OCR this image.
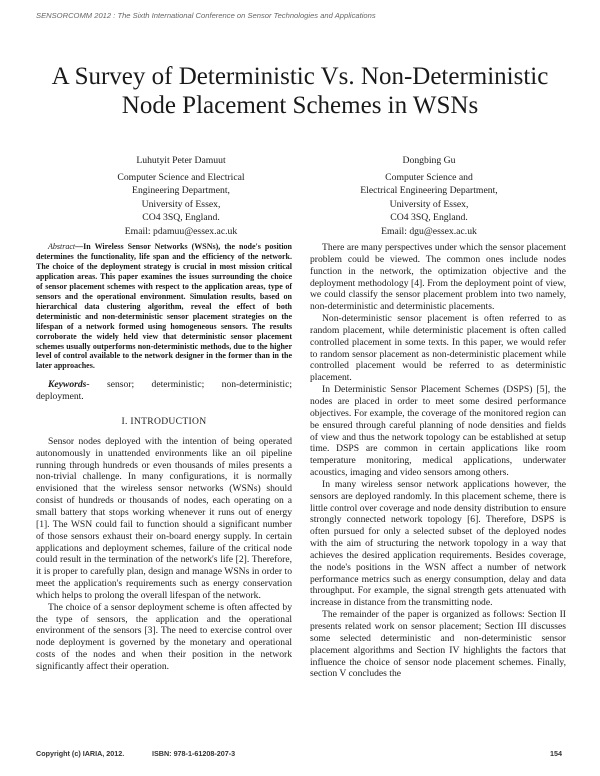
SENSORCOMM 2012 : The Sixth International Conference on Sensor Technologies and Applications
A Survey of Deterministic Vs. Non-Deterministic
Node Placement Schemes in WSNs
Luhutyit Peter Damuut
Computer Science and Electrical
Engineering Department,
University of Essex,
CO4 3SQ, England.
Email: pdamuu@essex.ac.uk
Dongbing Gu
Computer Science and
Electrical Engineering Department,
University of Essex,
CO4 3SQ, England.
Email: dgu@essex.ac.uk

Abstract—In Wireless Sensor Networks (WSNs), the node's position determines the functionality, life span and the efficiency of the network. The choice of the deployment strategy is crucial in most mission critical application areas. This paper examines the issues surrounding the choice of sensor placement schemes with respect to the application areas, type of sensors and the operational environment. Simulation results, based on hierarchical data clustering algorithm, reveal the effect of both deterministic and non-deterministic sensor placement strategies on the lifespan of a network formed using homogeneous sensors. The results corroborate the widely held view that deterministic sensor placement schemes usually outperforms non-deterministic methods, due to the higher level of control available to the network designer in the former than in the later approaches.

Keywords- sensor; deterministic; non-deterministic; deployment.

I. INTRODUCTION

Sensor nodes deployed with the intention of being operated autonomously in unattended environments like an oil pipeline running through hundreds or even thousands of miles presents a non-trivial challenge. In many configurations, it is normally envisioned that the wireless sensor networks (WSNs) should consist of hundreds or thousands of nodes, each operating on a small battery that stops working whenever it runs out of energy [1]. The WSN could fail to function should a significant number of those sensors exhaust their on-board energy supply. In certain applications and deployment schemes, failure of the critical node could result in the termination of the network's life [2]. Therefore, it is proper to carefully plan, design and manage WSNs in order to meet the application's requirements such as energy conservation which helps to prolong the overall lifespan of the network.

The choice of a sensor deployment scheme is often affected by the type of sensors, the application and the operational environment of the sensors [3]. The need to exercise control over node deployment is governed by the monetary and operational costs of the nodes and when their position in the network significantly affect their operation.

There are many perspectives under which the sensor placement problem could be viewed. The common ones include nodes function in the network, the optimization objective and the deployment methodology [4]. From the deployment point of view, we could classify the sensor placement problem into two namely, non-deterministic and deterministic placements.

Non-deterministic sensor placement is often referred to as random placement, while deterministic placement is often called controlled placement in some texts. In this paper, we would refer to random sensor placement as non-deterministic placement while controlled placement would be referred to as deterministic placement.

In Deterministic Sensor Placement Schemes (DSPS) [5], the nodes are placed in order to meet some desired performance objectives. For example, the coverage of the monitored region can be ensured through careful planning of node densities and fields of view and thus the network topology can be established at setup time. DSPS are common in certain applications like room temperature monitoring, medical applications, underwater acoustics, imaging and video sensors among others.

In many wireless sensor network applications however, the sensors are deployed randomly. In this placement scheme, there is little control over coverage and node density distribution to ensure strongly connected network topology [6]. Therefore, DSPS is often pursued for only a selected subset of the deployed nodes with the aim of structuring the network topology in a way that achieves the desired application requirements. Besides coverage, the node's positions in the WSN affect a number of network performance metrics such as energy consumption, delay and data throughput. For example, the signal strength gets attenuated with increase in distance from the transmitting node.

The remainder of the paper is organized as follows: Section II presents related work on sensor placement; Section III discusses some selected deterministic and non-deterministic sensor placement algorithms and Section IV highlights the factors that influence the choice of sensor node placement schemes. Finally, section V concludes the

Copyright (c) IARIA, 2012.	ISBN: 978-1-61208-207-3	154
